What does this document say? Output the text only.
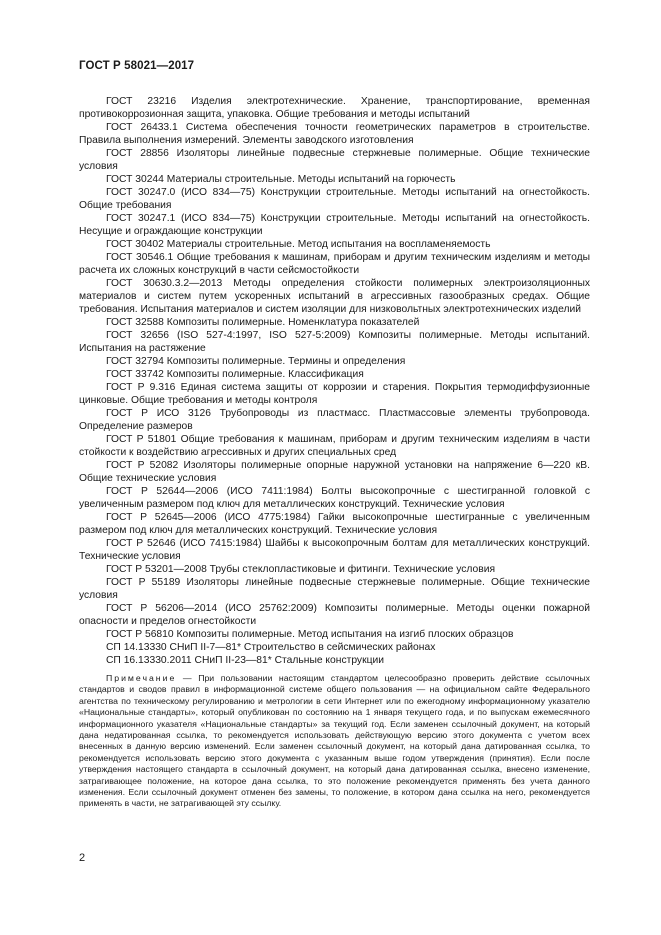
ГОСТ Р 58021—2017

ГОСТ 23216 Изделия электротехнические. Хранение, транспортирование, временная противокоррозионная защита, упаковка. Общие требования и методы испытаний

ГОСТ 26433.1 Система обеспечения точности геометрических параметров в строительстве. Правила выполнения измерений. Элементы заводского изготовления

ГОСТ 28856 Изоляторы линейные подвесные стержневые полимерные. Общие технические условия

ГОСТ 30244 Материалы строительные. Методы испытаний на горючесть

ГОСТ 30247.0 (ИСО 834—75) Конструкции строительные. Методы испытаний на огнестойкость. Общие требования

ГОСТ 30247.1 (ИСО 834—75) Конструкции строительные. Методы испытаний на огнестойкость. Несущие и ограждающие конструкции

ГОСТ 30402 Материалы строительные. Метод испытания на воспламеняемость

ГОСТ 30546.1 Общие требования к машинам, приборам и другим техническим изделиям и методы расчета их сложных конструкций в части сейсмостойкости

ГОСТ 30630.3.2—2013 Методы определения стойкости полимерных электроизоляционных материалов и систем путем ускоренных испытаний в агрессивных газообразных средах. Общие требования. Испытания материалов и систем изоляции для низковольтных электротехнических изделий

ГОСТ 32588 Композиты полимерные. Номенклатура показателей

ГОСТ 32656 (ISO 527-4:1997, ISO 527-5:2009) Композиты полимерные. Методы испытаний. Испытания на растяжение

ГОСТ 32794 Композиты полимерные. Термины и определения

ГОСТ 33742 Композиты полимерные. Классификация

ГОСТ Р 9.316 Единая система защиты от коррозии и старения. Покрытия термодиффузионные цинковые. Общие требования и методы контроля

ГОСТ Р ИСО 3126 Трубопроводы из пластмасс. Пластмассовые элементы трубопровода. Определение размеров

ГОСТ Р 51801 Общие требования к машинам, приборам и другим техническим изделиям в части стойкости к воздействию агрессивных и других специальных сред

ГОСТ Р 52082 Изоляторы полимерные опорные наружной установки на напряжение 6—220 кВ. Общие технические условия

ГОСТ Р 52644—2006 (ИСО 7411:1984) Болты высокопрочные с шестигранной головкой с увеличенным размером под ключ для металлических конструкций. Технические условия

ГОСТ Р 52645—2006 (ИСО 4775:1984) Гайки высокопрочные шестигранные с увеличенным размером под ключ для металлических конструкций. Технические условия

ГОСТ Р 52646 (ИСО 7415:1984) Шайбы к высокопрочным болтам для металлических конструкций. Технические условия

ГОСТ Р 53201—2008 Трубы стеклопластиковые и фитинги. Технические условия

ГОСТ Р 55189 Изоляторы линейные подвесные стержневые полимерные. Общие технические условия

ГОСТ Р 56206—2014 (ИСО 25762:2009) Композиты полимерные. Методы оценки пожарной опасности и пределов огнестойкости

ГОСТ Р 56810 Композиты полимерные. Метод испытания на изгиб плоских образцов

СП 14.13330 СНиП II-7—81* Строительство в сейсмических районах

СП 16.13330.2011 СНиП II-23—81* Стальные конструкции

Примечание — При пользовании настоящим стандартом целесообразно проверить действие ссылочных стандартов и сводов правил в информационной системе общего пользования — на официальном сайте Федерального агентства по техническому регулированию и метрологии в сети Интернет или по ежегодному информационному указателю «Национальные стандарты», который опубликован по состоянию на 1 января текущего года, и по выпускам ежемесячного информационного указателя «Национальные стандарты» за текущий год. Если заменен ссылочный документ, на который дана недатированная ссылка, то рекомендуется использовать действующую версию этого документа с учетом всех внесенных в данную версию изменений. Если заменен ссылочный документ, на который дана датированная ссылка, то рекомендуется использовать версию этого документа с указанным выше годом утверждения (принятия). Если после утверждения настоящего стандарта в ссылочный документ, на который дана датированная ссылка, внесено изменение, затрагивающее положение, на которое дана ссылка, то это положение рекомендуется применять без учета данного изменения. Если ссылочный документ отменен без замены, то положение, в котором дана ссылка на него, рекомендуется применять в части, не затрагивающей эту ссылку.

2
